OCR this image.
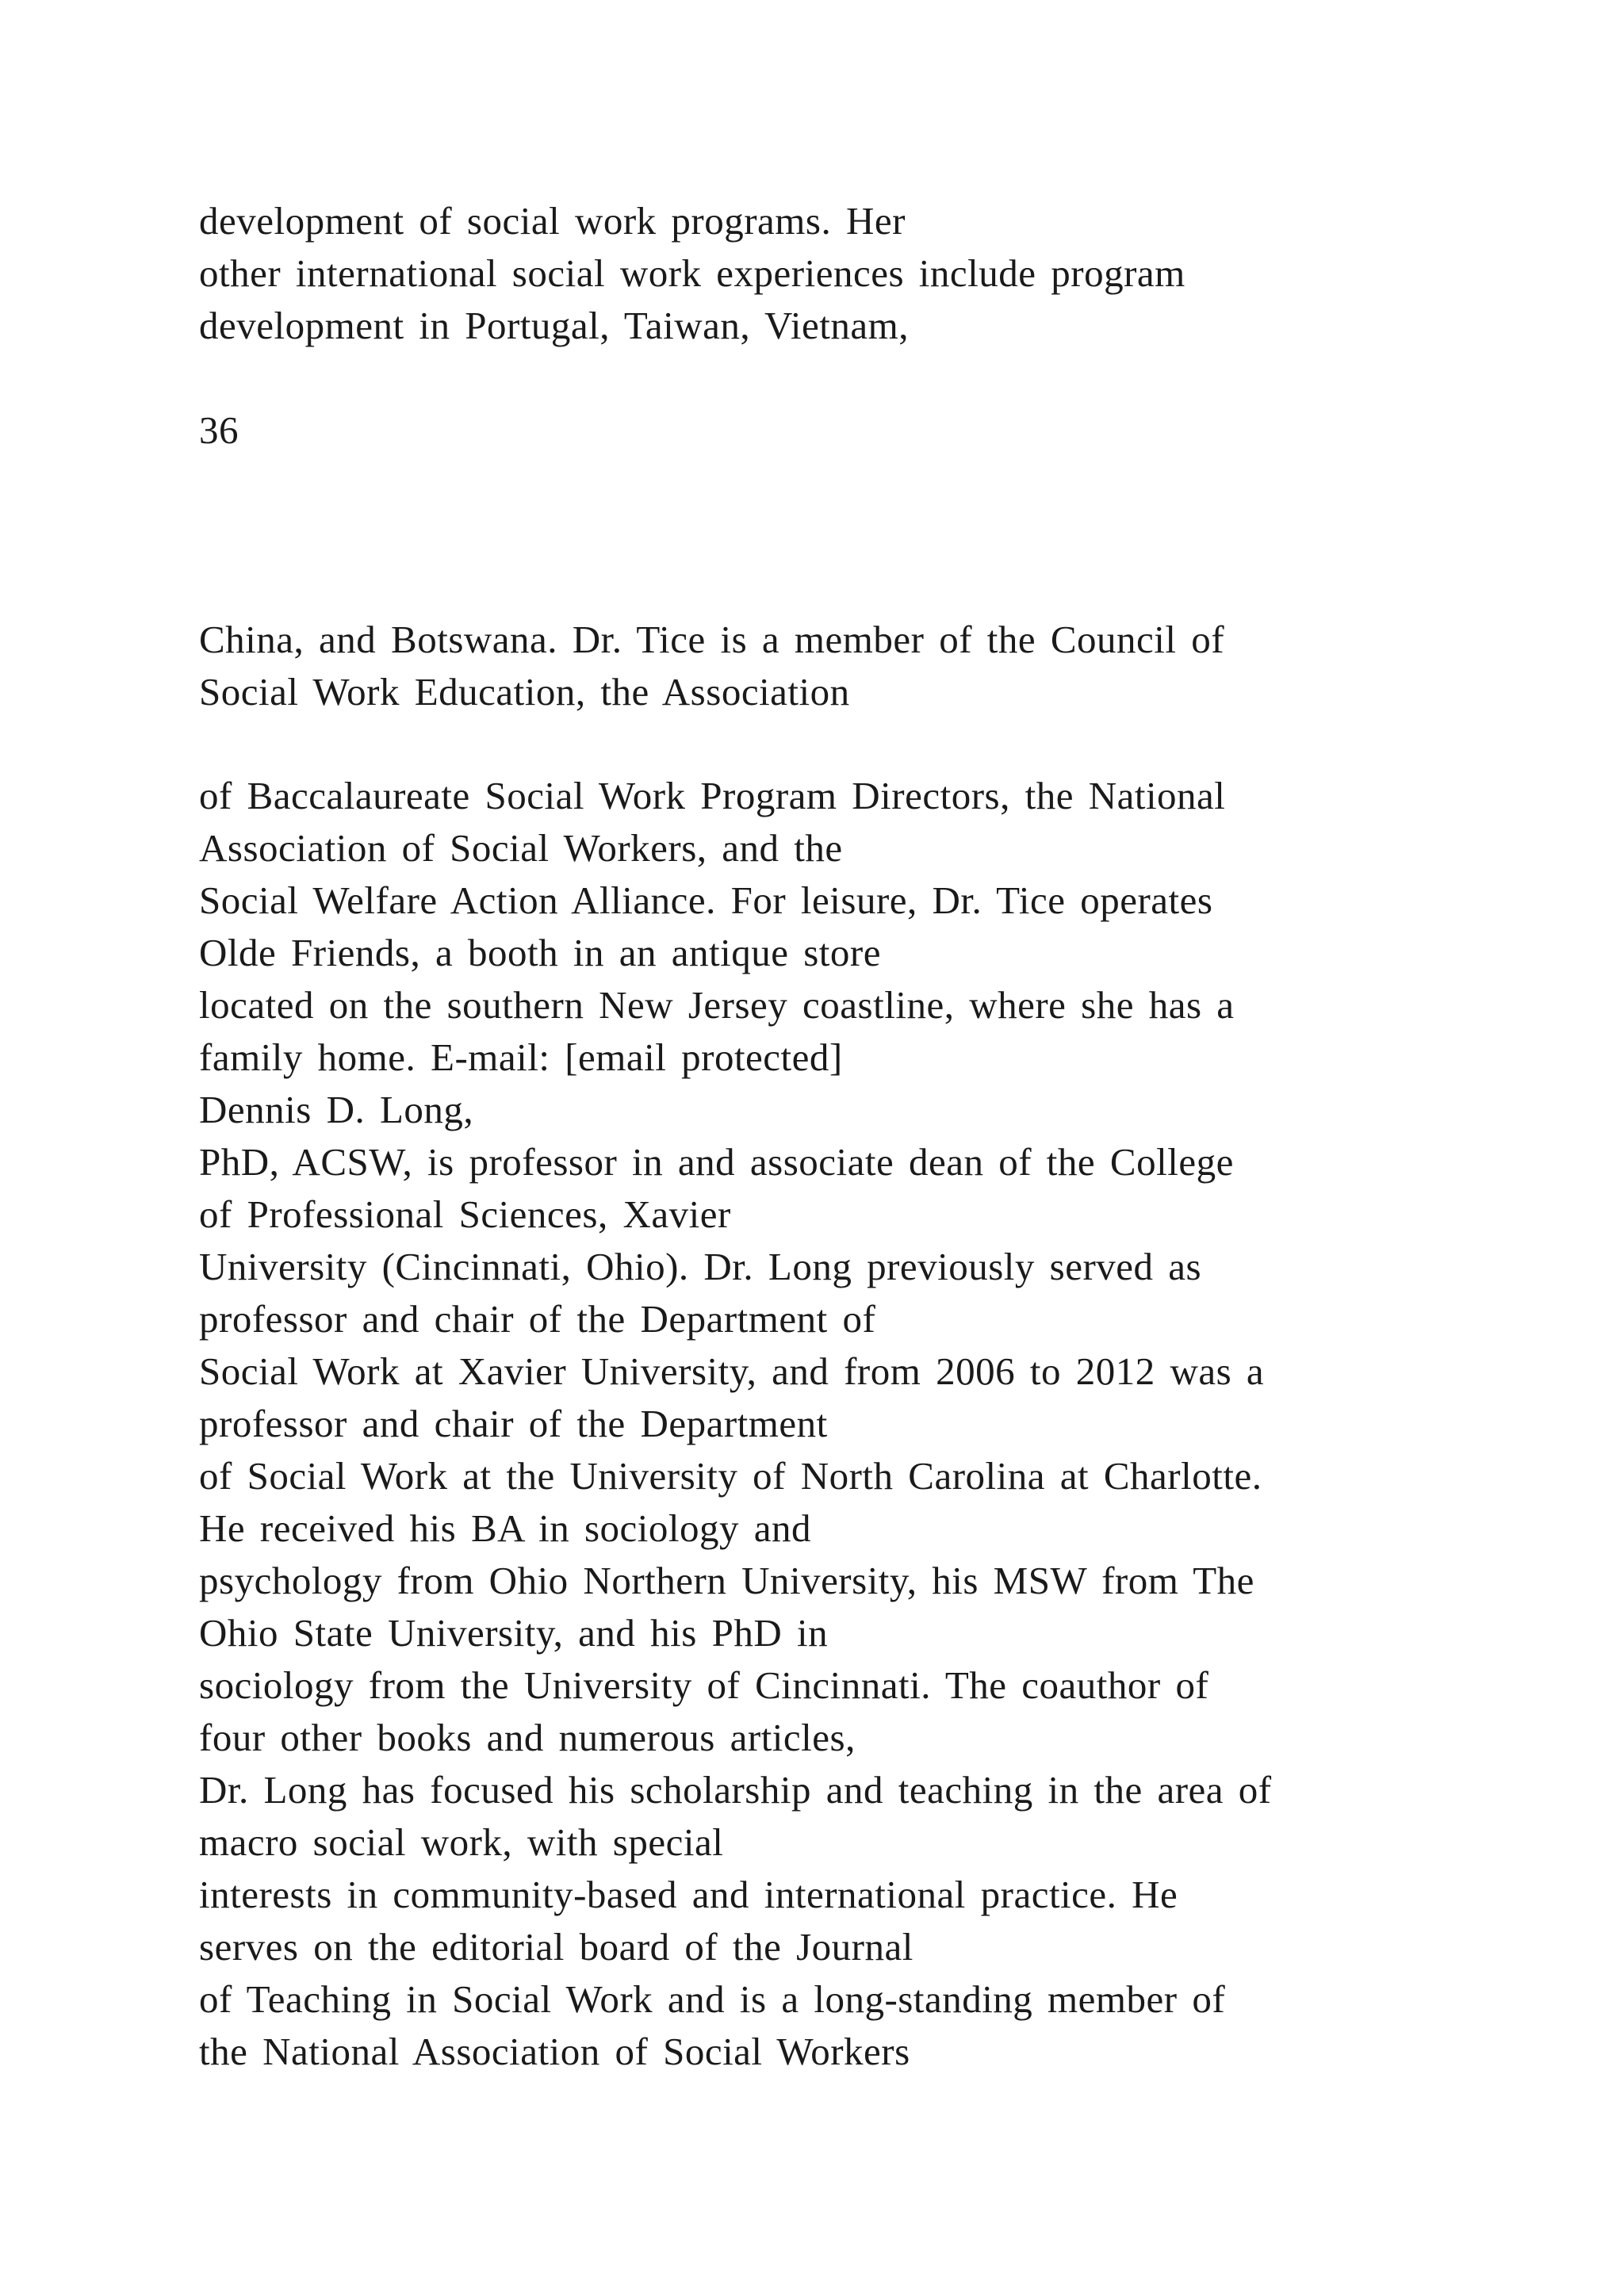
development of social work programs. Her
other international social work experiences include program
development in Portugal, Taiwan, Vietnam,
36
China, and Botswana. Dr. Tice is a member of the Council of
Social Work Education, the Association
of Baccalaureate Social Work Program Directors, the National
Association of Social Workers, and the
Social Welfare Action Alliance. For leisure, Dr. Tice operates
Olde Friends, a booth in an antique store
located on the southern New Jersey coastline, where she has a
family home. E-mail: [email protected]
Dennis D. Long,
PhD, ACSW, is professor in and associate dean of the College
of Professional Sciences, Xavier
University (Cincinnati, Ohio). Dr. Long previously served as
professor and chair of the Department of
Social Work at Xavier University, and from 2006 to 2012 was a
professor and chair of the Department
of Social Work at the University of North Carolina at Charlotte.
He received his BA in sociology and
psychology from Ohio Northern University, his MSW from The
Ohio State University, and his PhD in
sociology from the University of Cincinnati. The coauthor of
four other books and numerous articles,
Dr. Long has focused his scholarship and teaching in the area of
macro social work, with special
interests in community-based and international practice. He
serves on the editorial board of the Journal
of Teaching in Social Work and is a long-standing member of
the National Association of Social Workers
